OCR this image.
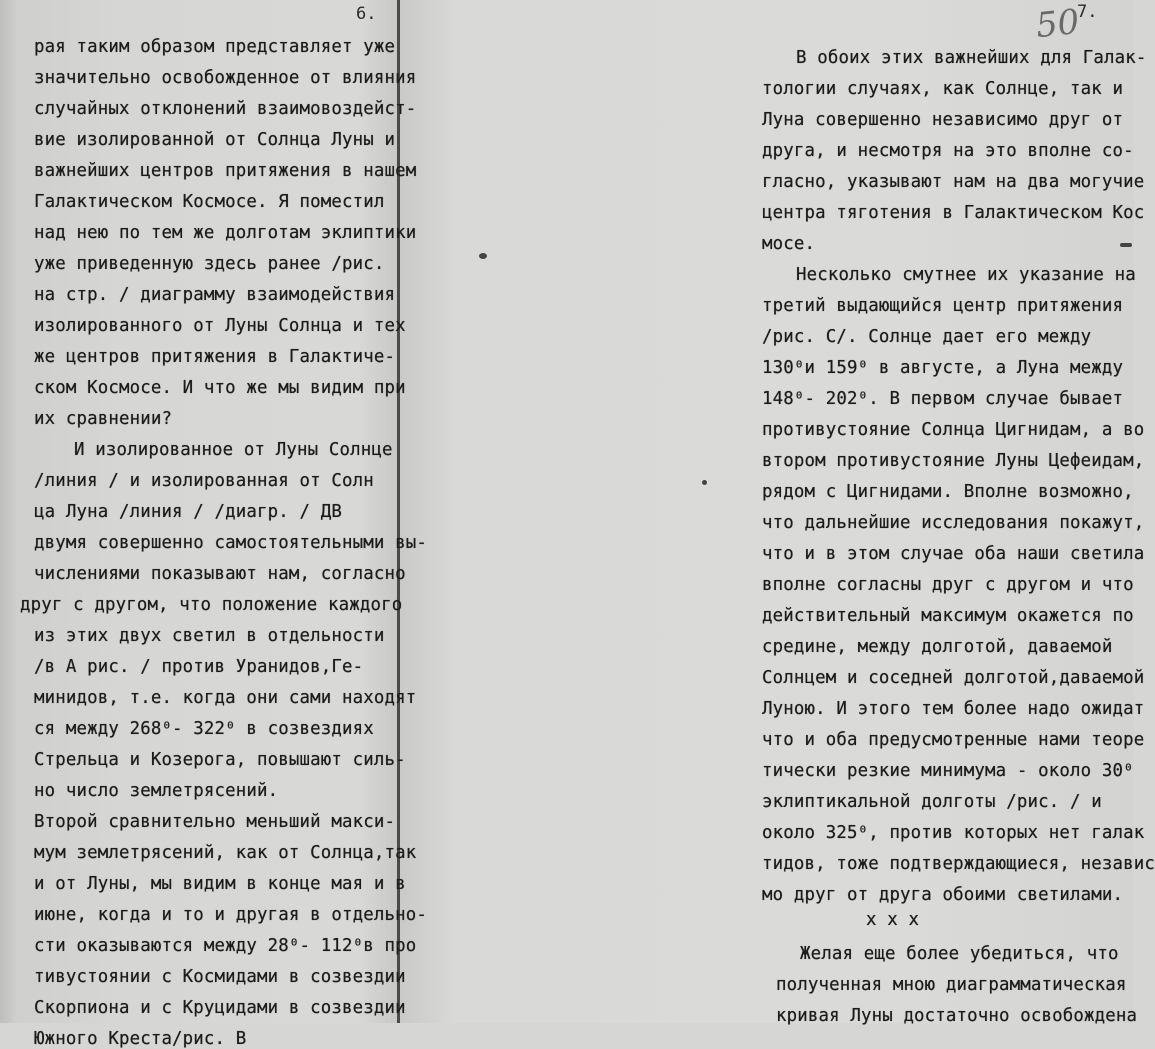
6.	50
7.
рая таким образом представляет уже
значительно освобожденное от влияния
случайных отклонений взаимовоздейст-
вие изолированной от Солнца Луны и
важнейших центров притяжения в нашем
Галактическом Космосе. Я поместил
над нею по тем же долготам эклиптики
уже приведенную здесь ранее /рис.
на стр. / диаграмму взаимодействия
изолированного от Луны Солнца и тех
же центров притяжения в Галактиче-
ском Космосе. И что же мы видим при
их сравнении?
И изолированное от Луны Солнце
/линия / и изолированная от Солн
ца Луна /линия / /диагр. / ДВ
двумя совершенно самостоятельными вы-
числениями показывают нам, согласно
друг с другом, что положение каждого
из этих двух светил в отдельности
/в А рис. / против Уранидов,Ге-
минидов, т.е. когда они сами находят
ся между 268⁰- 322⁰ в созвездиях
Стрельца и Козерога, повышают силь-
но число землетрясений.
Второй сравнительно меньший макси-
мум землетрясений, как от Солнца,так
и от Луны, мы видим в конце мая и в
июне, когда и то и другая в отдельно-
сти оказываются между 28⁰- 112⁰в про
тивустоянии с Космидами в созвездии
Скорпиона и с Круцидами в созвездии
Южного Креста/рис. В
В обоих этих важнейших для Галак-
тологии случаях, как Солнце, так и
Луна совершенно независимо друг от
друга, и несмотря на это вполне со-
гласно, указывают нам на два могучие
центра тяготения в Галактическом Кос
мосе.
Несколько смутнее их указание на
третий выдающийся центр притяжения
/рис. С/. Солнце дает его между
130⁰и 159⁰ в августе, а Луна между
148⁰- 202⁰. В первом случае бывает
противустояние Солнца Цигнидам, а во
втором противустояние Луны Цефеидам,
рядом с Цигнидами. Вполне возможно,
что дальнейшие исследования покажут,
что и в этом случае оба наши светила
вполне согласны друг с другом и что
действительный максимум окажется по
средине, между долготой, даваемой
Солнцем и соседней долготой,даваемой
Луною. И этого тем более надо ожидат
что и оба предусмотренные нами теоре
тически резкие минимума - около 30⁰
эклиптикальной долготы /рис. / и
около 325⁰, против которых нет галак
тидов, тоже подтверждающиеся, независ
мо друг от друга обоими светилами.
x x x
Желая еще более убедиться, что
полученная мною диаграмматическая
кривая Луны достаточно освобождена
